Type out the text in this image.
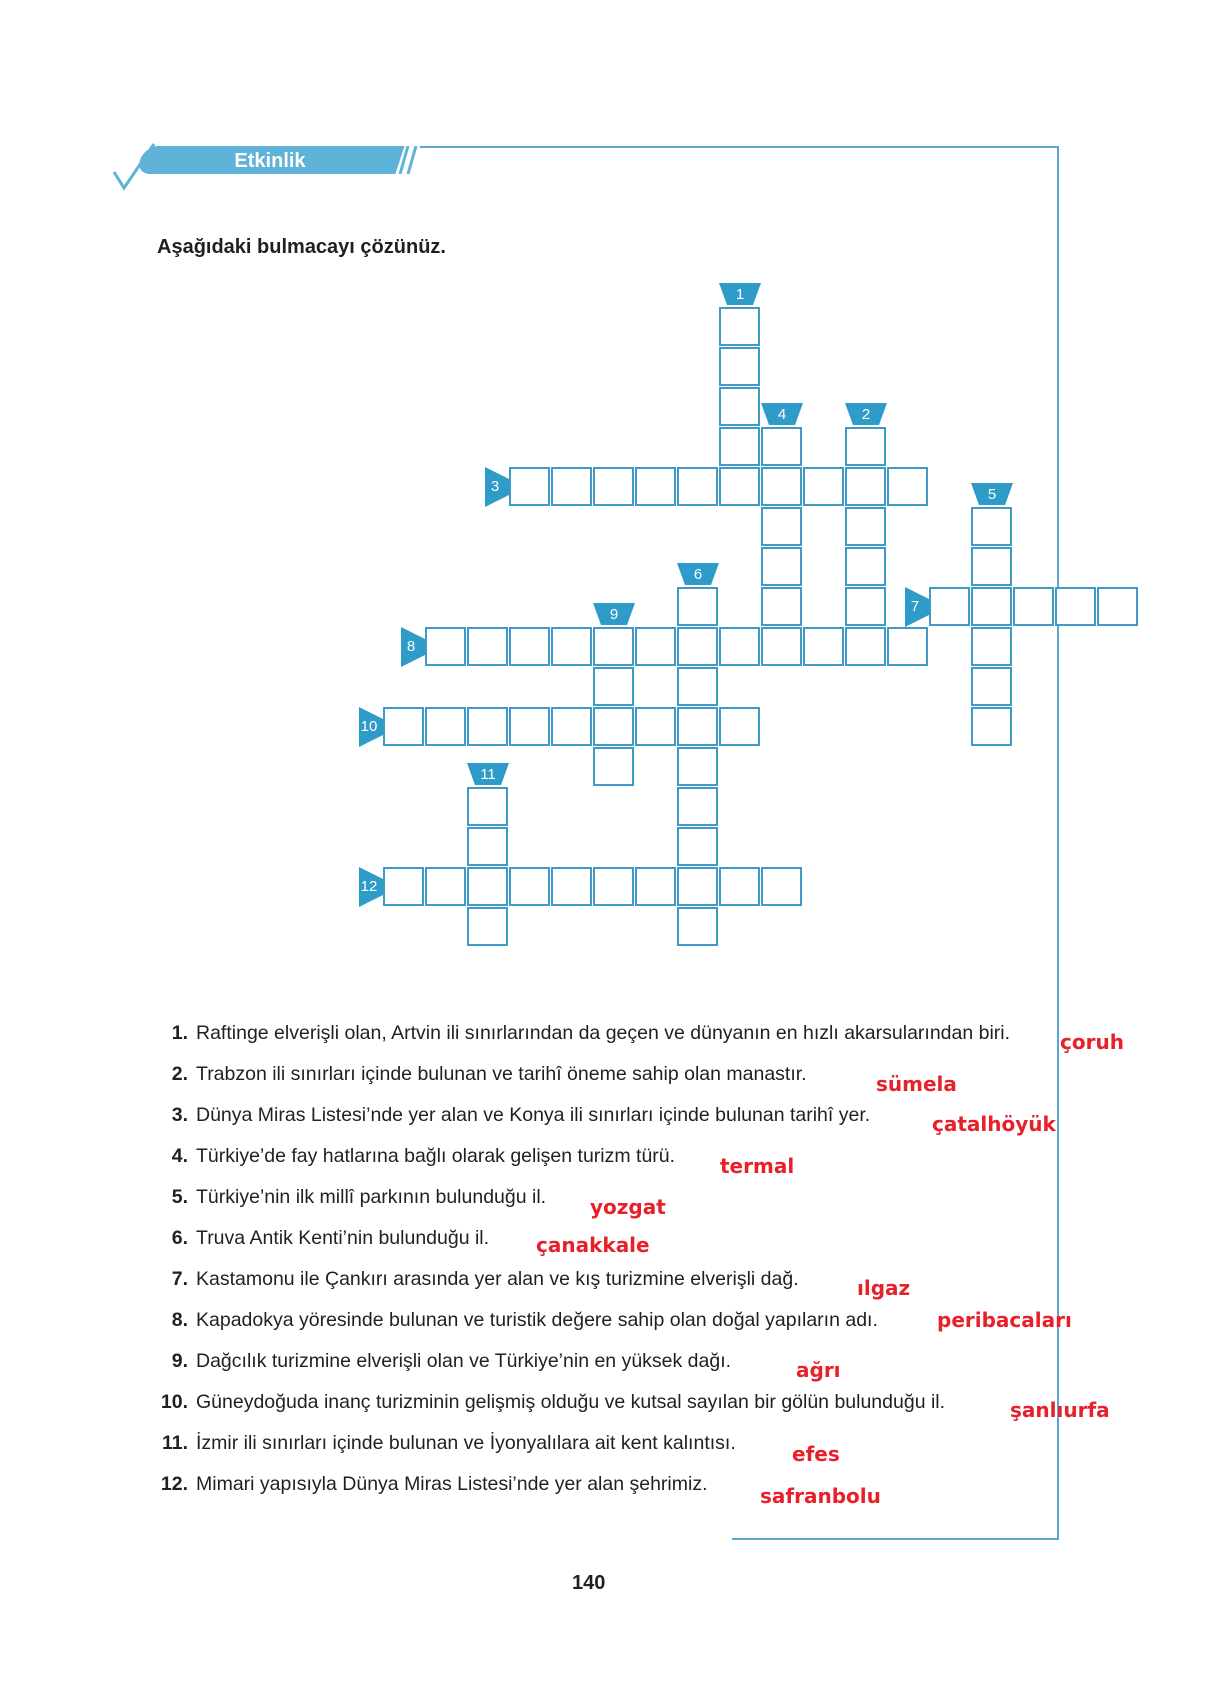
Etkinlik
Aşağıdaki bulmacayı çözünüz.
1
2
3
4
5
6
7
8
9
10
11
12
1. Raftinge elverişli olan, Artvin ili sınırlarından da geçen ve dünyanın en hızlı akarsularından biri.
2. Trabzon ili sınırları içinde bulunan ve tarihî öneme sahip olan manastır.
3. Dünya Miras Listesi’nde yer alan ve Konya ili sınırları içinde bulunan tarihî yer.
4. Türkiye’de fay hatlarına bağlı olarak gelişen turizm türü.
5. Türkiye’nin ilk millî parkının bulunduğu il.
6. Truva Antik Kenti’nin bulunduğu il.
7. Kastamonu ile Çankırı arasında yer alan ve kış turizmine elverişli dağ.
8. Kapadokya yöresinde bulunan ve turistik değere sahip olan doğal yapıların adı.
9. Dağcılık turizmine elverişli olan ve Türkiye’nin en yüksek dağı.
10. Güneydoğuda inanç turizminin gelişmiş olduğu ve kutsal sayılan bir gölün bulunduğu il.
11. İzmir ili sınırları içinde bulunan ve İyonyalılara ait kent kalıntısı.
12. Mimari yapısıyla Dünya Miras Listesi’nde yer alan şehrimiz.
çoruh
sümela
çatalhöyük
termal
yozgat
çanakkale
ılgaz
peribacaları
ağrı
şanlıurfa
efes
safranbolu
140
